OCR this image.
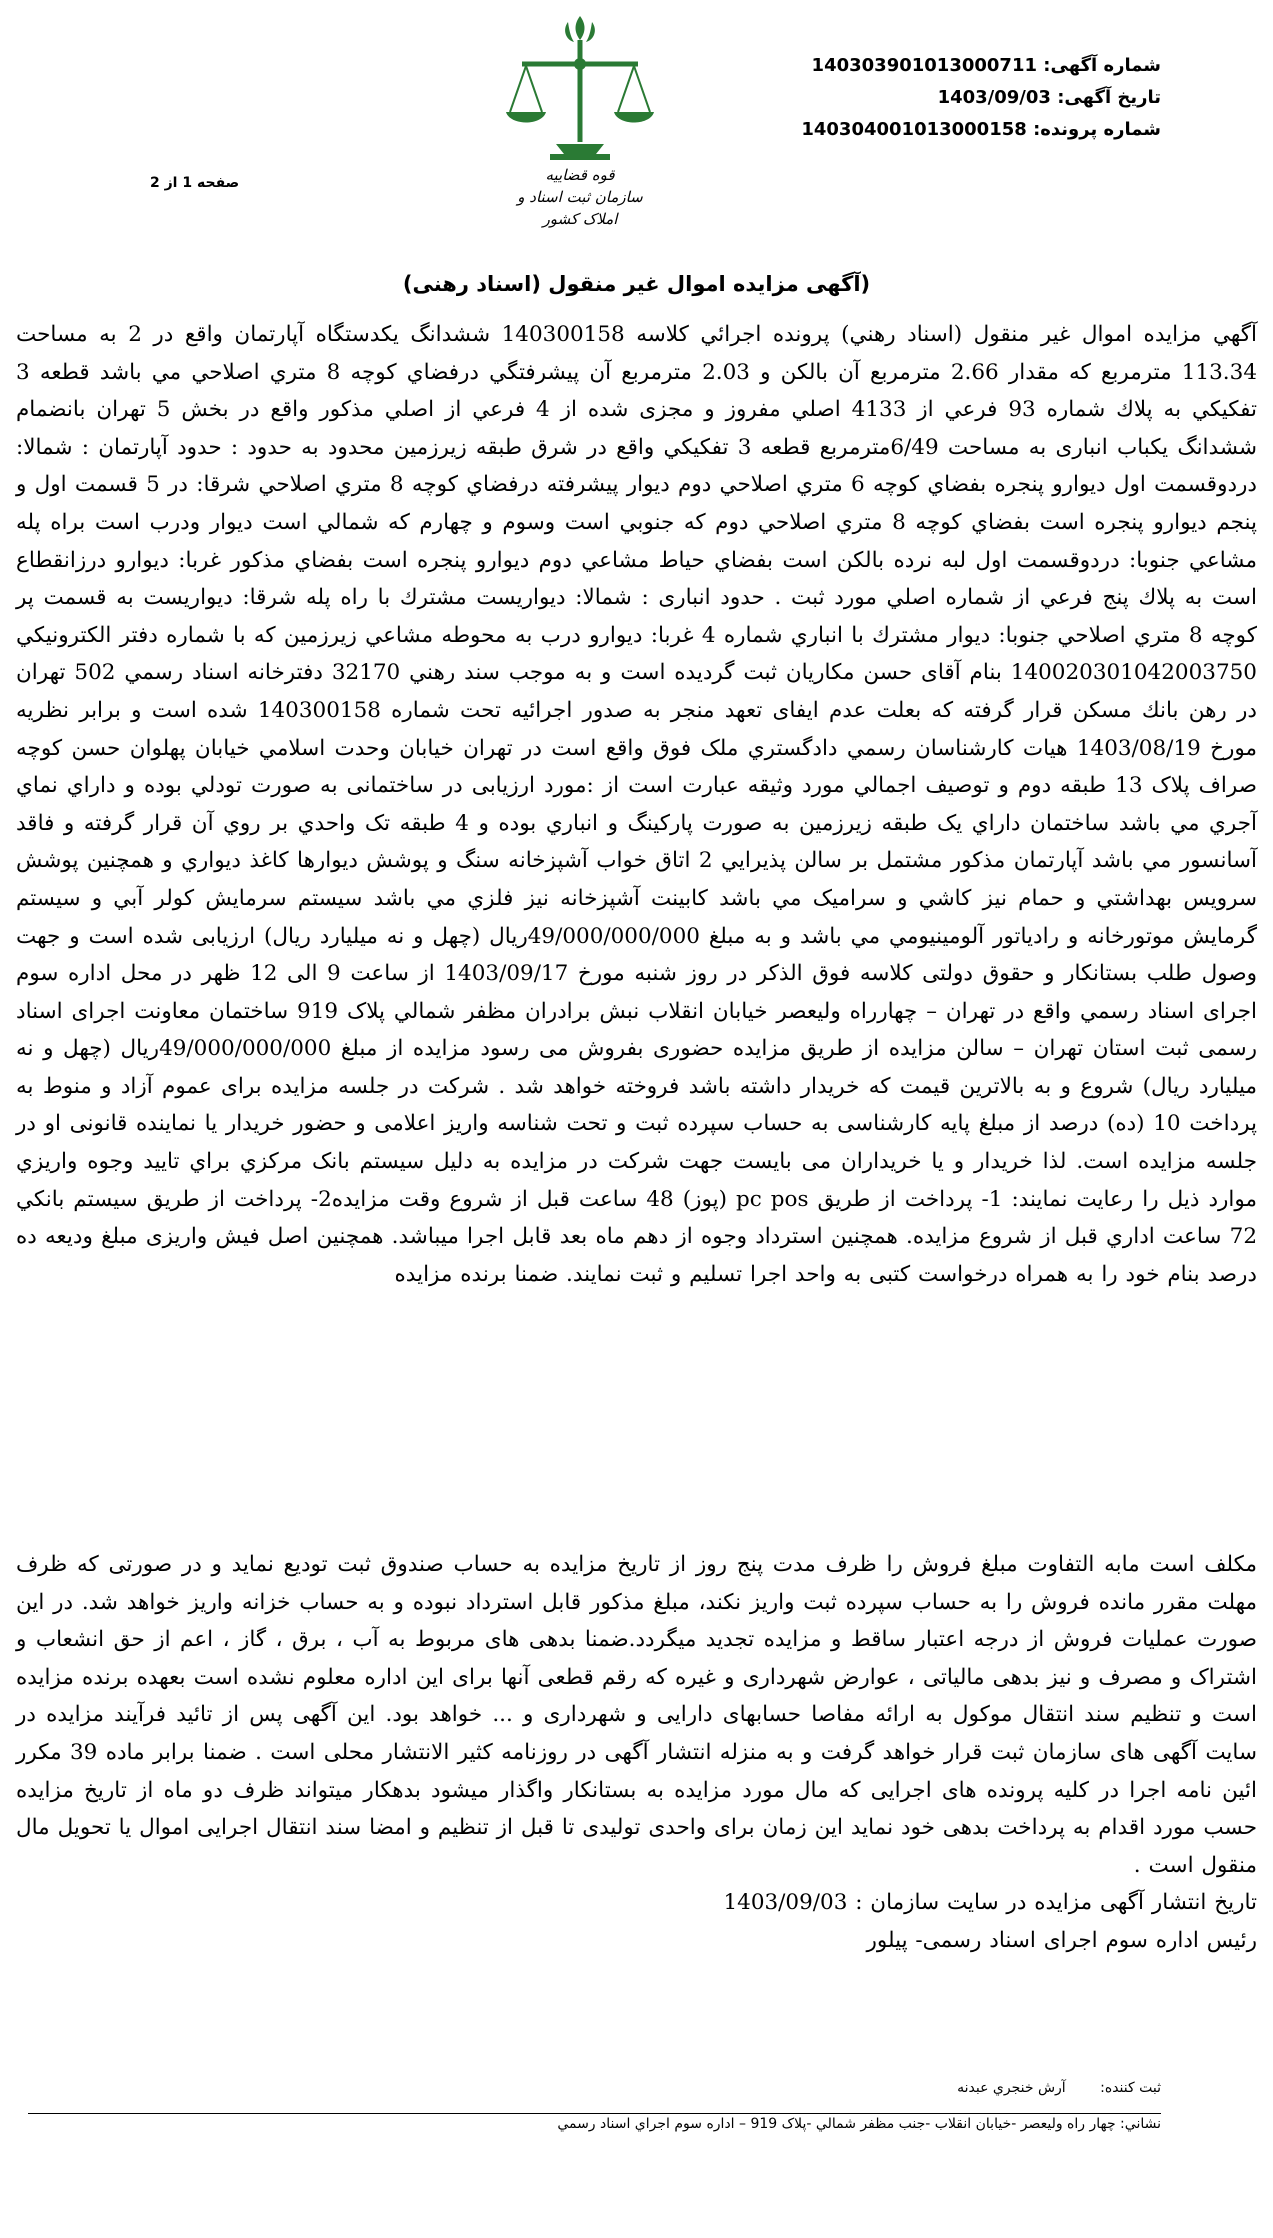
شماره آگهی: 140303901013000711
تاریخ آگهی: 1403/09/03
شماره پرونده: 140304001013000158
قوه قضاییه
سازمان ثبت اسناد و املاک کشور
صفحه 1 از 2
(آگهی مزایده اموال غیر منقول (اسناد رهنی)

آگهي مزايده اموال غير منقول (اسناد رهني) پرونده اجرائي كلاسه 140300158 ششدانگ يكدستگاه آپارتمان واقع در 2 به مساحت 113.34 مترمربع كه مقدار 2.66 مترمربع آن بالكن و 2.03 مترمربع آن پيشرفتگي درفضاي كوچه 8 متري اصلاحي مي باشد قطعه 3 تفكيكي به پلاك شماره 93 فرعي از 4133 اصلي مفروز و مجزى شده از 4 فرعي از اصلي مذكور واقع در بخش 5 تهران بانضمام ششدانگ يكباب انباری به مساحت 6/49مترمربع قطعه 3 تفكيكي واقع در شرق طبقه زيرزمين محدود به حدود : حدود آپارتمان : شمالا: دردوقسمت اول ديوارو پنجره بفضاي كوچه 6 متري اصلاحي دوم ديوار پيشرفته درفضاي كوچه 8 متري اصلاحي شرقا: در 5 قسمت اول و پنجم ديوارو پنجره است بفضاي كوچه 8 متري اصلاحي دوم كه جنوبي است وسوم و چهارم كه شمالي است ديوار ودرب است براه پله مشاعي جنوبا: دردوقسمت اول لبه نرده بالكن است بفضاي حياط مشاعي دوم ديوارو پنجره است بفضاي مذكور غربا: ديوارو درزانقطاع است به پلاك پنج فرعي از شماره اصلي مورد ثبت . حدود انباری : شمالا: ديواريست مشترك با راه پله شرقا: ديواريست به قسمت پر كوچه 8 متري اصلاحي جنوبا: ديوار مشترك با انباري شماره 4 غربا: ديوارو درب به محوطه مشاعي زيرزمين كه با شماره دفتر الكترونيكي 140020301042003750 بنام آقای حسن مكاريان ثبت گرديده است و به موجب سند رهني 32170 دفترخانه اسناد رسمي 502 تهران در رهن بانك مسكن قرار گرفته كه بعلت عدم ايفاى تعهد منجر به صدور اجرائيه تحت شماره 140300158 شده است و برابر نظريه مورخ 1403/08/19 هيات كارشناسان رسمي دادگستري ملک فوق واقع است در تهران خيابان وحدت اسلامي خيابان پهلوان حسن كوچه صراف پلاک 13 طبقه دوم و توصيف اجمالي مورد وثيقه عبارت است از :مورد ارزيابی در ساختمانی به صورت تودلي بوده و داراي نماي آجري مي باشد ساختمان داراي يک طبقه زيرزمين به صورت پاركينگ و انباري بوده و 4 طبقه تک واحدي بر روي آن قرار گرفته و فاقد آسانسور مي باشد آپارتمان مذكور مشتمل بر سالن پذيرايي 2 اتاق خواب آشپزخانه سنگ و پوشش ديوارها كاغذ ديواري و همچنين پوشش سرويس بهداشتي و حمام نيز كاشي و سراميک مي باشد كابينت آشپزخانه نيز فلزي مي باشد سيستم سرمايش كولر آبي و سيستم گرمايش موتورخانه و رادياتور آلومينيومي مي باشد و به مبلغ 49/000/000/000ريال (چهل و نه ميليارد ريال) ارزيابی شده است و جهت وصول طلب بستانكار و حقوق دولتی كلاسه فوق الذكر در روز شنبه مورخ 1403/09/17 از ساعت 9 الی 12 ظهر در محل اداره سوم اجرای اسناد رسمي واقع در تهران – چهارراه وليعصر خيابان انقلاب نبش برادران مظفر شمالي پلاک 919 ساختمان معاونت اجرای اسناد رسمی ثبت استان تهران – سالن مزايده از طريق مزايده حضوری بفروش می رسود مزايده از مبلغ 49/000/000/000ريال (چهل و نه ميليارد ريال) شروع و به بالاترين قيمت كه خريدار داشته باشد فروخته خواهد شد . شركت در جلسه مزايده برای عموم آزاد و منوط به پرداخت 10 (ده) درصد از مبلغ پايه كارشناسی به حساب سپرده ثبت و تحت شناسه واريز اعلامی و حضور خريدار يا نماينده قانونی او در جلسه مزايده است. لذا خريدار و يا خريداران می بايست جهت شركت در مزايده به دليل سيستم بانک مركزي براي تاييد وجوه واريزي موارد ذيل را رعايت نمايند: 1- پرداخت از طريق pc pos (پوز) 48 ساعت قبل از شروع وقت مزايده2- پرداخت از طريق سيستم بانكي 72 ساعت اداري قبل از شروع مزايده. همچنين استرداد وجوه از دهم ماه بعد قابل اجرا ميباشد. همچنين اصل فيش واريزی مبلغ وديعه ده درصد بنام خود را به همراه درخواست كتبی به واحد اجرا تسليم و ثبت نمايند. ضمنا برنده مزايده

مكلف است مابه التفاوت مبلغ فروش را ظرف مدت پنج روز از تاريخ مزايده به حساب صندوق ثبت توديع نمايد و در صورتی كه ظرف مهلت مقرر مانده فروش را به حساب سپرده ثبت واريز نكند، مبلغ مذكور قابل استرداد نبوده و به حساب خزانه واريز خواهد شد. در اين صورت عمليات فروش از درجه اعتبار ساقط و مزايده تجديد ميگردد.ضمنا بدهی های مربوط به آب ، برق ، گاز ، اعم از حق انشعاب و اشتراک و مصرف و نيز بدهی مالياتی ، عوارض شهرداری و غيره كه رقم قطعی آنها برای اين اداره معلوم نشده است بعهده برنده مزايده است و تنظيم سند انتقال موكول به ارائه مفاصا حسابهای دارايی و شهرداری و ... خواهد بود. اين آگهی پس از تائيد فرآيند مزايده در سايت آگهی های سازمان ثبت قرار خواهد گرفت و به منزله انتشار آگهی در روزنامه كثير الانتشار محلی است . ضمنا برابر ماده 39 مكرر ائين نامه اجرا در كليه پرونده های اجرايی كه مال مورد مزايده به بستانكار واگذار ميشود بدهكار ميتواند ظرف دو ماه از تاريخ مزايده حسب مورد اقدام به پرداخت بدهی خود نمايد اين زمان برای واحدی توليدی تا قبل از تنظيم و امضا سند انتقال اجرايی اموال يا تحويل مال منقول است .

تاريخ انتشار آگهی مزايده در سايت سازمان : 1403/09/03

رئيس اداره سوم اجرای اسناد رسمی- پيلور

ثبت كننده: آرش خنجري عبدنه
نشاني: چهار راه وليعصر -خيابان انقلاب -جنب مظفر شمالي -پلاک 919 – اداره سوم اجراي اسناد رسمي
